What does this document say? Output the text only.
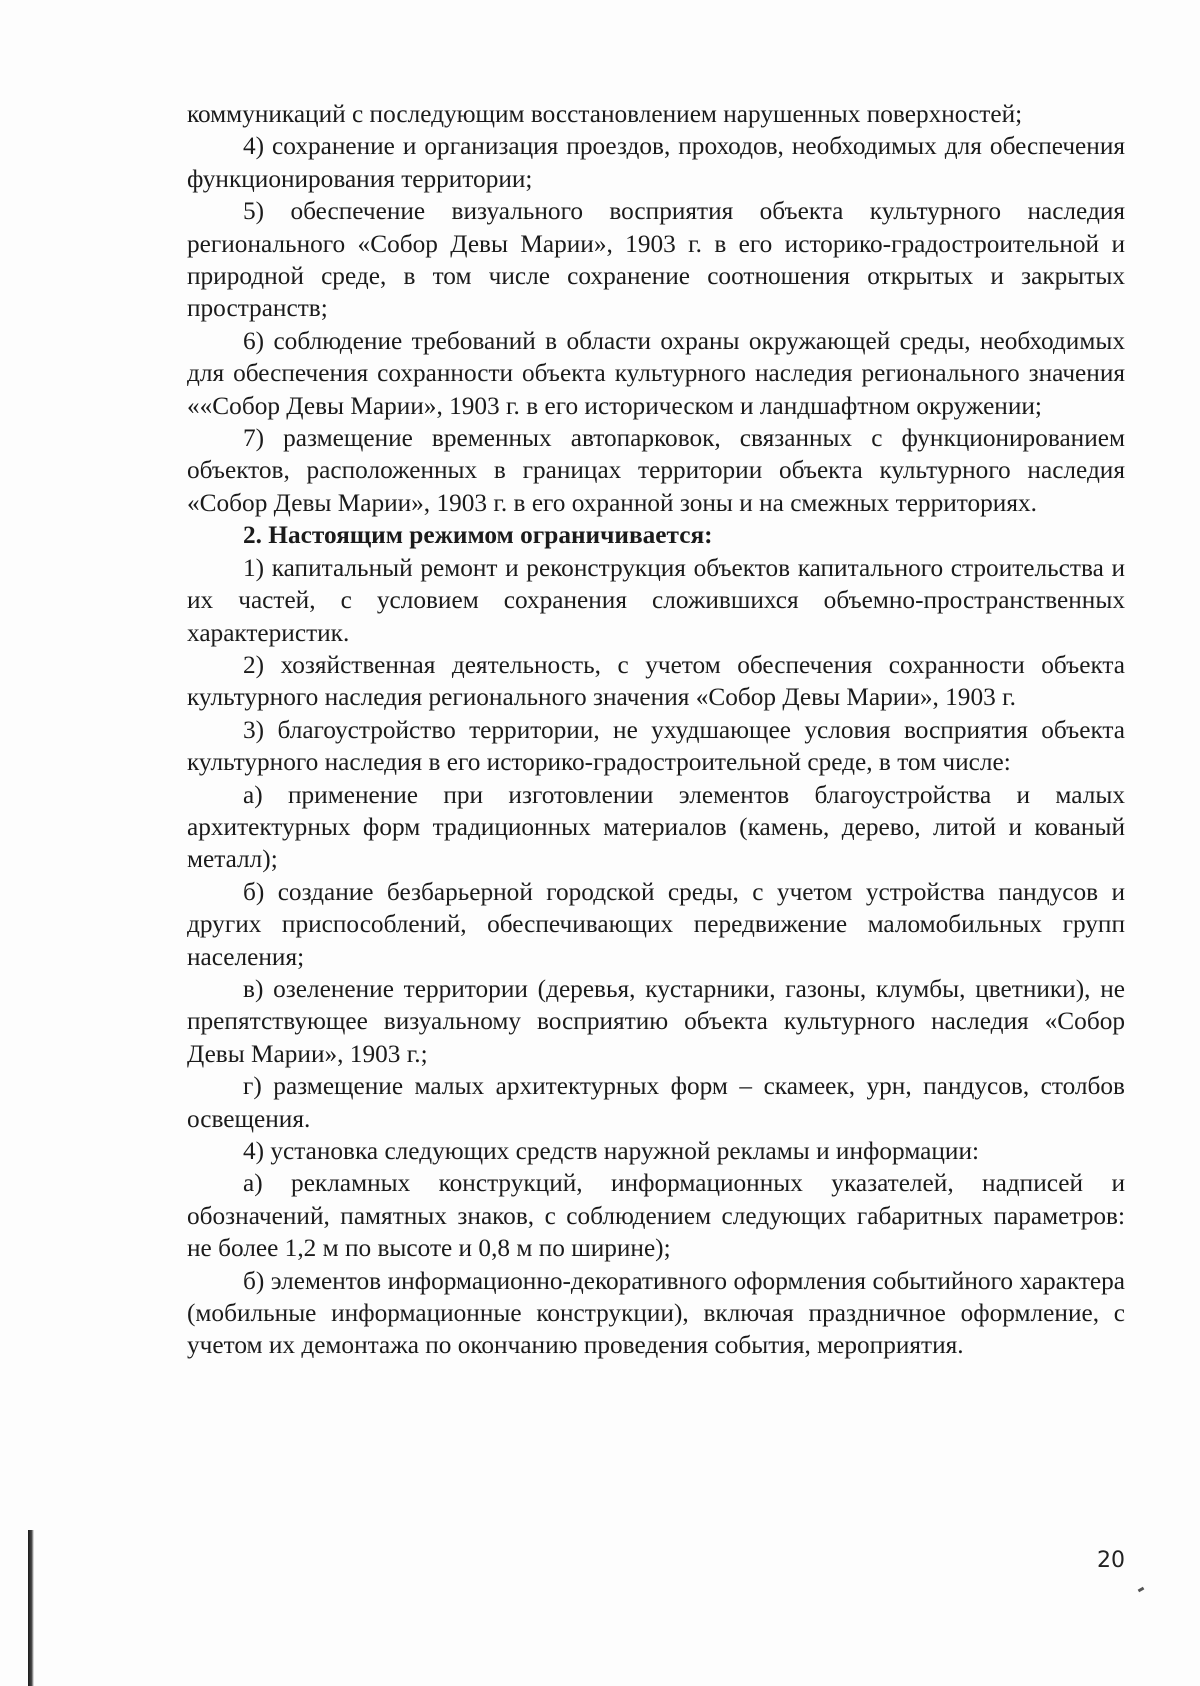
коммуникаций с последующим восстановлением нарушенных поверхностей;

4) сохранение и организация проездов, проходов, необходимых для обеспечения функционирования территории;

5) обеспечение визуального восприятия объекта культурного наследия регионального «Собор Девы Марии», 1903 г. в его историко-градостроительной и природной среде, в том числе сохранение соотношения открытых и закрытых пространств;

6) соблюдение требований в области охраны окружающей среды, необходимых для обеспечения сохранности объекта культурного наследия регионального значения ««Собор Девы Марии», 1903 г. в его историческом и ландшафтном окружении;

7) размещение временных автопарковок, связанных с функционированием объектов, расположенных в границах территории объекта культурного наследия «Собор Девы Марии», 1903 г. в его охранной зоны и на смежных территориях.

2. Настоящим режимом ограничивается:

1) капитальный ремонт и реконструкция объектов капитального строительства и их частей, с условием сохранения сложившихся объемно-пространственных характеристик.

2) хозяйственная деятельность, с учетом обеспечения сохранности объекта культурного наследия регионального значения «Собор Девы Марии», 1903 г.

3) благоустройство территории, не ухудшающее условия восприятия объекта культурного наследия в его историко-градостроительной среде, в том числе:

а) применение при изготовлении элементов благоустройства и малых архитектурных форм традиционных материалов (камень, дерево, литой и кованый металл);

б) создание безбарьерной городской среды, с учетом устройства пандусов и других приспособлений, обеспечивающих передвижение маломобильных групп населения;

в) озеленение территории (деревья, кустарники, газоны, клумбы, цветники), не препятствующее визуальному восприятию объекта культурного наследия «Собор Девы Марии», 1903 г.;

г) размещение малых архитектурных форм – скамеек, урн, пандусов, столбов освещения.

4) установка следующих средств наружной рекламы и информации:

а) рекламных конструкций, информационных указателей, надписей и обозначений, памятных знаков, с соблюдением следующих габаритных параметров: не более 1,2 м по высоте и 0,8 м по ширине);

б) элементов информационно-декоративного оформления событийного характера (мобильные информационные конструкции), включая праздничное оформление, с учетом их демонтажа по окончанию проведения события, мероприятия.

20
